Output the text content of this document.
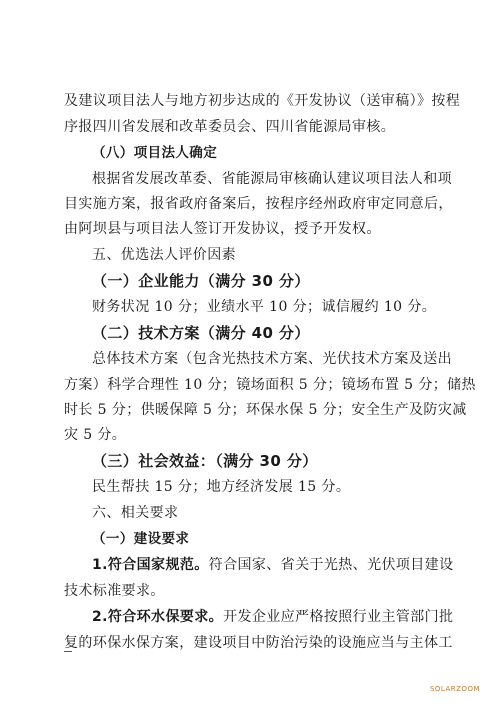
及建议项目法人与地方初步达成的《开发协议（送审稿）》按程
序报四川省发展和改革委员会、四川省能源局审核。
（八）项目法人确定
根据省发展改革委、省能源局审核确认建议项目法人和项
目实施方案，报省政府备案后，按程序经州政府审定同意后，
由阿坝县与项目法人签订开发协议，授予开发权。
五、优选法人评价因素
（一）企业能力（满分 30 分）
财务状况 10 分；业绩水平 10 分；诚信履约 10 分。
（二）技术方案（满分 40 分）
总体技术方案（包含光热技术方案、光伏技术方案及送出
方案）科学合理性 10 分；镜场面积 5 分；镜场布置 5 分；储热
时长 5 分；供暖保障 5 分；环保水保 5 分；安全生产及防灾减
灾 5 分。
（三）社会效益：（满分 30 分）
民生帮扶 15 分；地方经济发展 15 分。
六、相关要求
（一）建设要求
1.符合国家规范。符合国家、省关于光热、光伏项目建设
技术标准要求。
2.符合环水保要求。开发企业应严格按照行业主管部门批
复的环保水保方案，建设项目中防治污染的设施应当与主体工
SOLARZOOM
